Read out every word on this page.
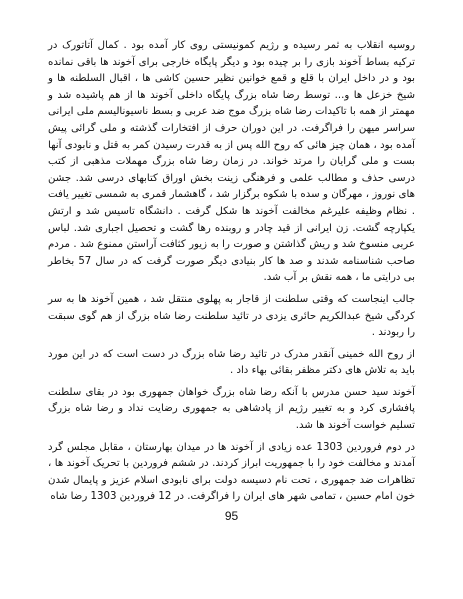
روسیه انقلاب به ثمر رسیده و رژیم کمونیستی روی کار آمده بود . کمال آتاتورک در ترکیه بساط آخوند بازی را بر چیده بود و دیگر پایگاه خارجی برای آخوند ها باقی نمانده بود و در داخل ایران با قلع و قمع خوانین نظیر حسین کاشی ها ، اقبال السلطنه ها و شیخ خزعل ها و... توسط رضا شاه بزرگ پایگاه داخلی آخوند ها از هم پاشیده شد و مهمتر از همه با تاکیدات رضا شاه بزرگ موج ضد عربی و بسط ناسیونالیسم ملی ایرانی سراسر میهن را فراگرفت. در این دوران حرف از افتخارات گذشته و ملی گرائی پیش آمده بود ، همان چیز هائی که روح الله پس از به قدرت رسیدن کمر به قتل و نابودی آنها بست و ملی گرایان را مرتد خواند. در زمان رضا شاه بزرگ مهملات مذهبی از کتب درسی حذف و مطالب علمی و فرهنگی زینت بخش اوراق کتابهای درسی شد. جشن های نوروز ، مهرگان و سده با شکوه برگزار شد ، گاهشمار قمری به شمسی تغییر یافت . نظام وظیفه علیرغم مخالفت آخوند ها شکل گرفت . دانشگاه تاسیس شد و ارتش یکپارچه گشت. زن ایرانی از قید چادر و روبنده رها گشت و تحصیل اجباری شد. لباس عربی منسوخ شد و ریش گذاشتن و صورت را به زیور کثافت آراستن ممنوع شد . مردم صاحب شناسنامه شدند و صد ها کار بنیادی دیگر صورت گرفت که در سال 57 بخاطر بی درایتی ما ، همه نقش بر آب شد.

جالب اینجاست که وقتی سلطنت از قاجار به پهلوی منتقل شد ، همین آخوند ها به سر کردگی شیخ عبدالکریم حائری یزدی در تائید سلطنت رضا شاه بزرگ از هم گوی سبقت را ربودند .

از روح الله خمینی آنقدر مدرک در تائید رضا شاه بزرگ در دست است که در این مورد باید به تلاش های دکتر مظفر بقائی بهاء داد .

آخوند سید حسن مدرس با آنکه رضا شاه بزرگ خواهان جمهوری بود در بقای سلطنت پافشاری کرد و به تغییر رژیم از پادشاهی به جمهوری رضایت نداد و رضا شاه بزرگ تسلیم خواست آخوند ها شد.

در دوم فروردین 1303 عده زیادی از آخوند ها در میدان بهارستان ، مقابل مجلس گرد آمدند و مخالفت خود را با جمهوریت ابراز کردند. در ششم فروردین با تحریک آخوند ها ، تظاهرات ضد جمهوری ، تحت نام دسیسه دولت برای نابودی اسلام عزیز و پایمال شدن خون امام حسین ، تمامی شهر های ایران را فراگرفت. در 12 فروردین 1303 رضا شاه

95
